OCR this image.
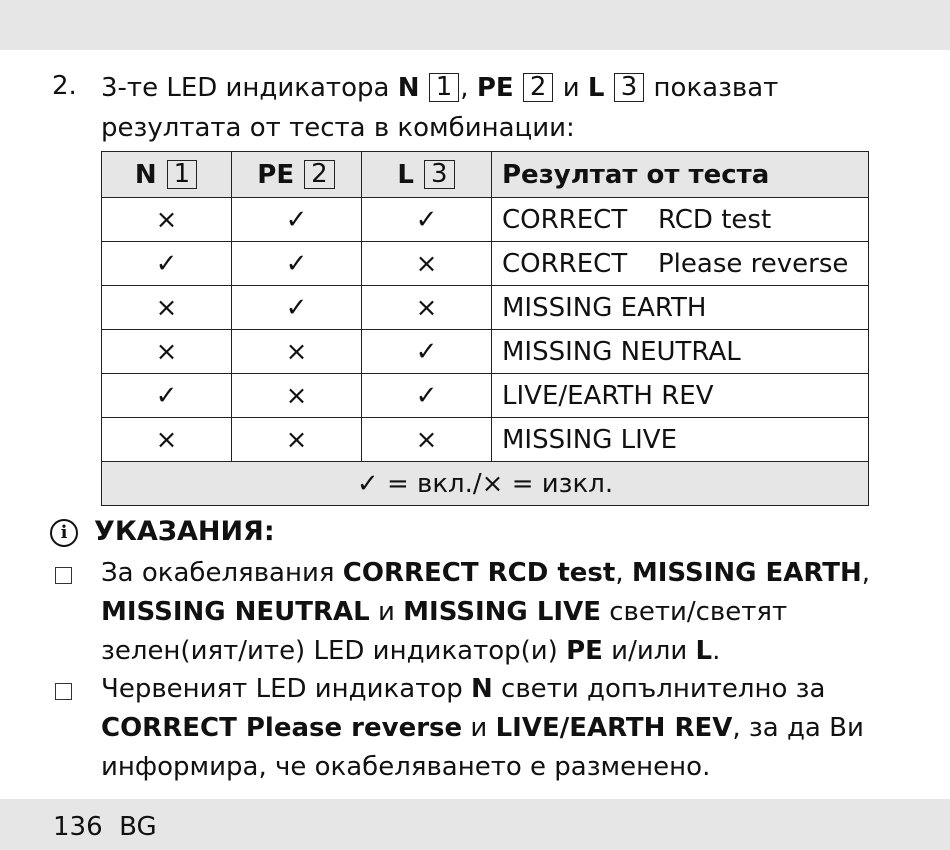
2. 3-те LED индикатора N 1 , PE 2 и L 3 показват резултата от теста в комбинации:
N 1	PE 2	L 3	Резултат от теста
×	✓	✓	CORRECT RCD test
✓	✓	×	CORRECT Please reverse
×	✓	×	MISSING EARTH
×	×	✓	MISSING NEUTRAL
✓	×	✓	LIVE/EARTH REV
×	×	×	MISSING LIVE
✓ = вкл./× = изкл.			
i УКАЗАНИЯ:
За окабелявания CORRECT RCD test, MISSING EARTH, MISSING NEUTRAL и MISSING LIVE свети/светят зелен(ият/ите) LED индикатор(и) PE и/или L.
Червеният LED индикатор N свети допълнително за CORRECT Please reverse и LIVE/EARTH REV, за да Ви информира, че окабеляването е разменено.
136 BG
